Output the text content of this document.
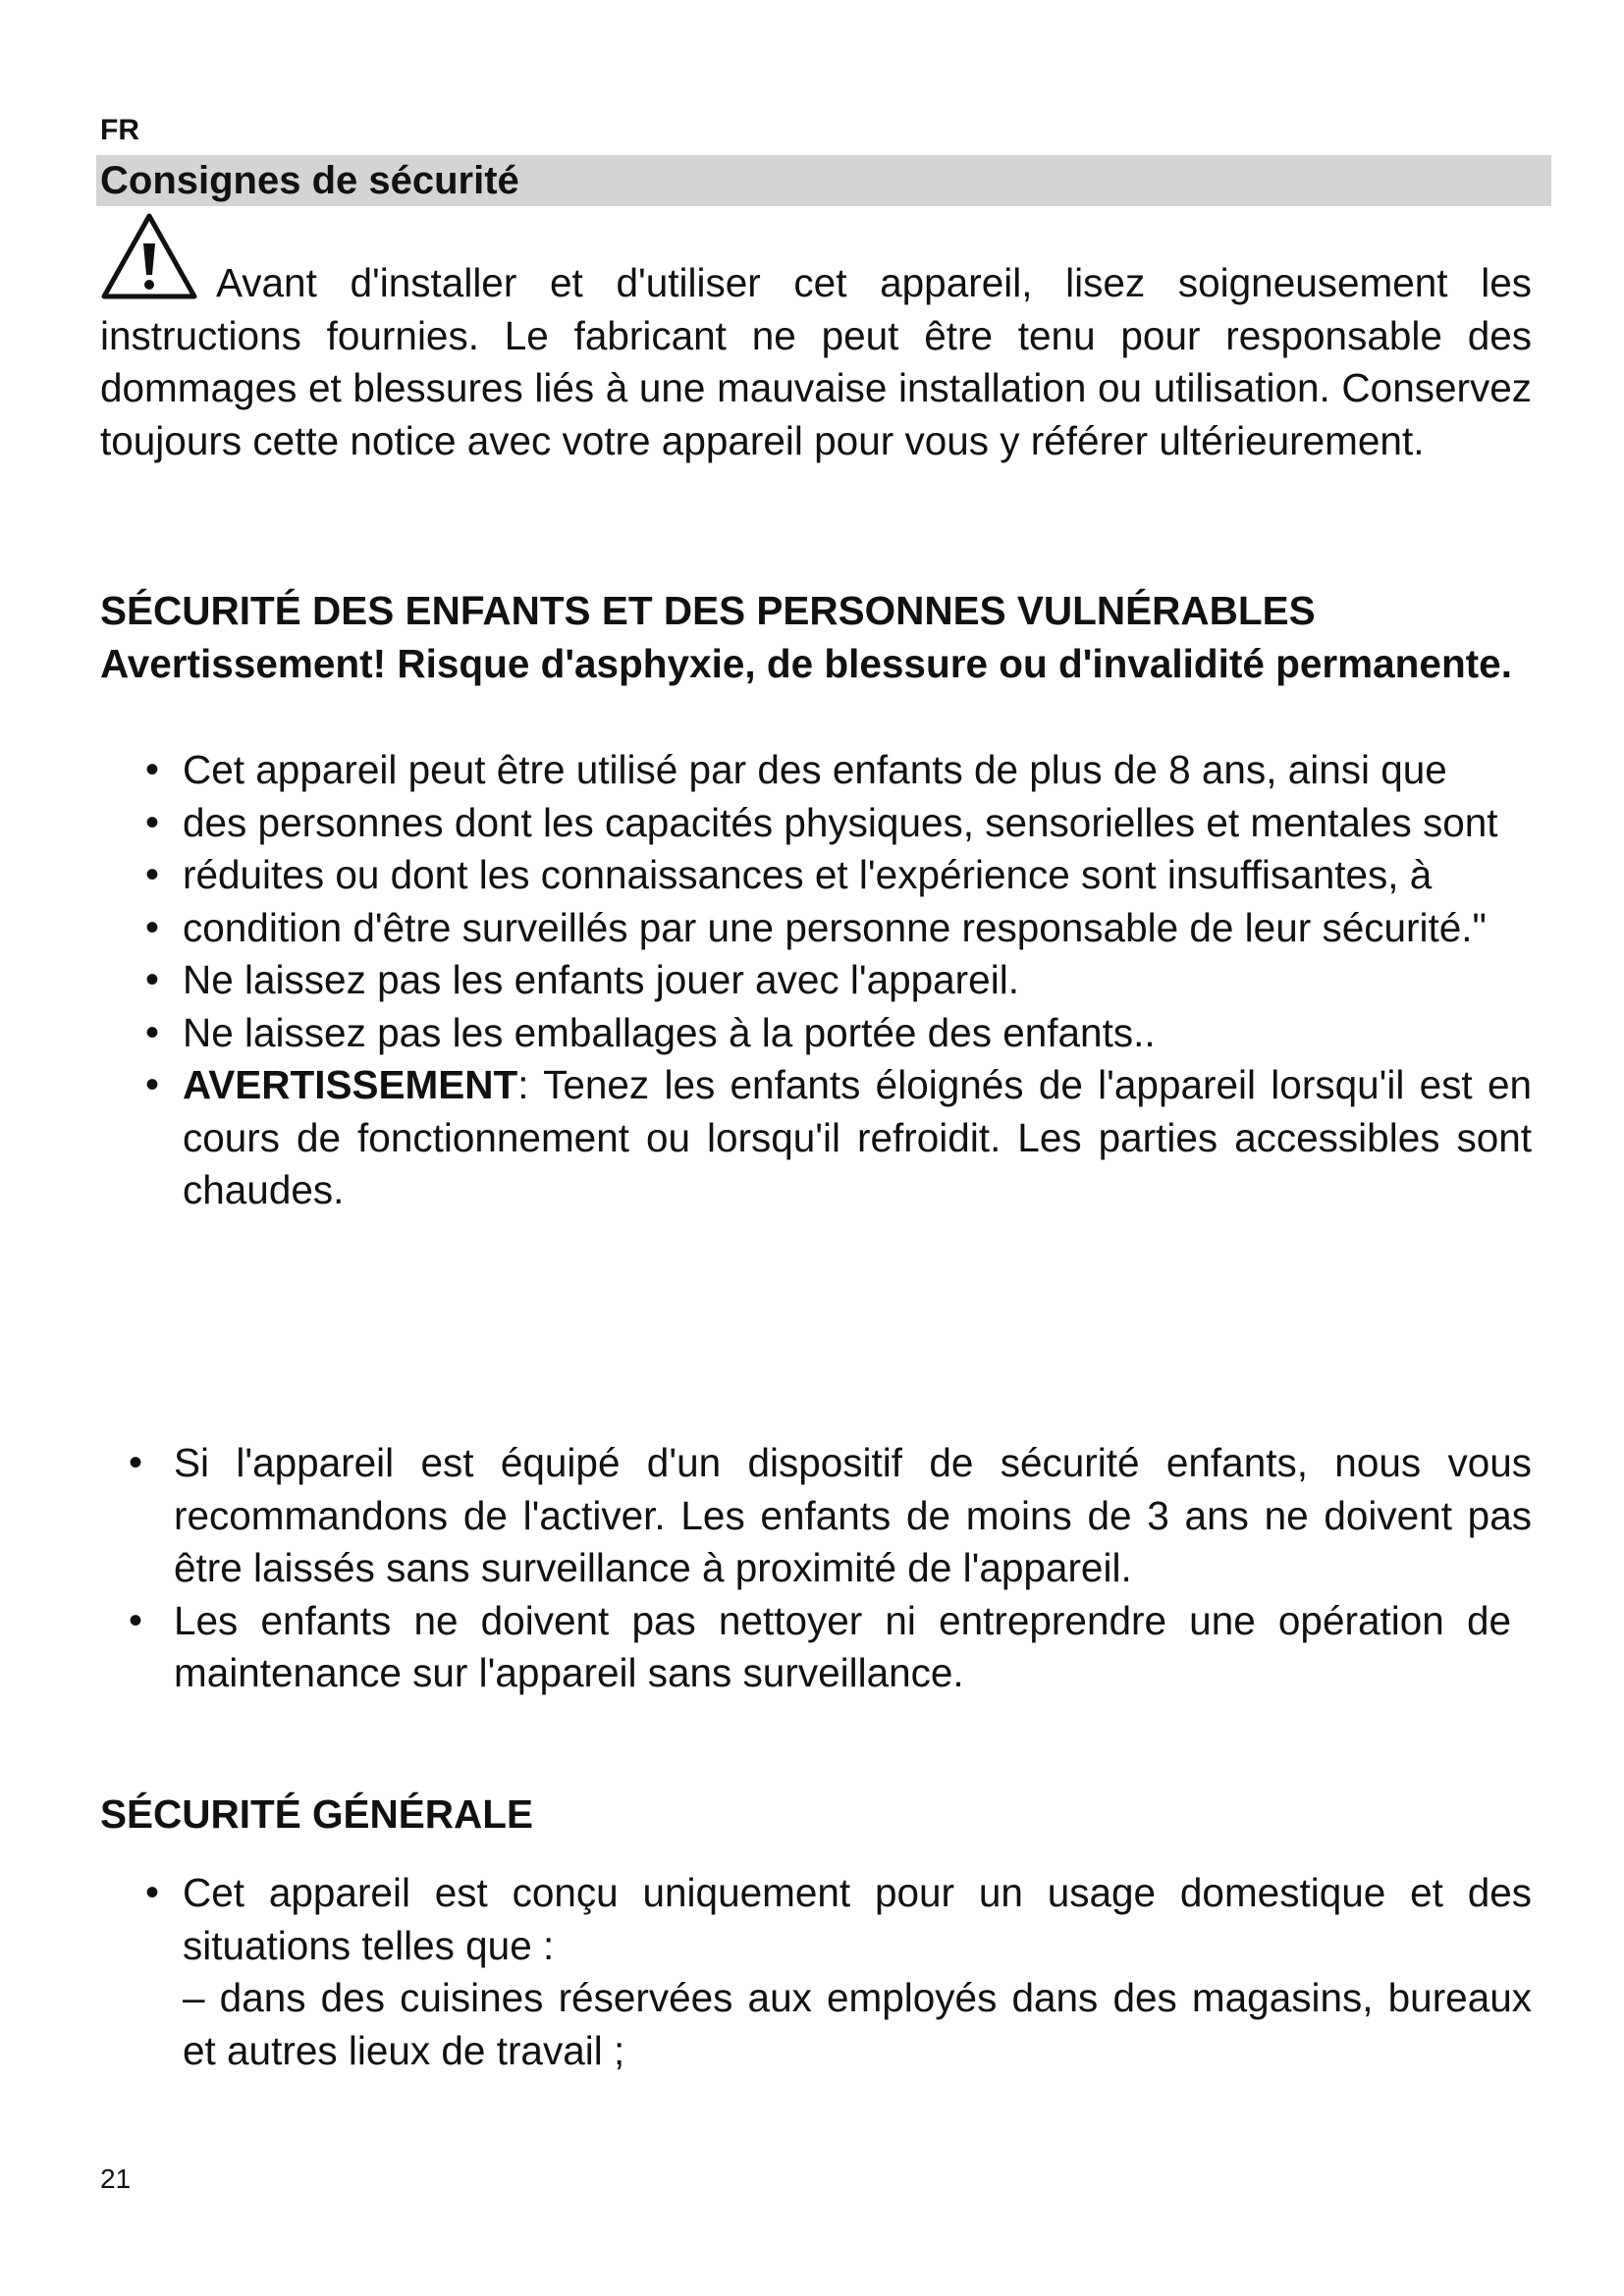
FR
Consignes de sécurité
Avant d'installer et d'utiliser cet appareil, lisez soigneusement les instructions fournies. Le fabricant ne peut être tenu pour responsable des dommages et blessures liés à une mauvaise installation ou utilisation. Conservez toujours cette notice avec votre appareil pour vous y référer ultérieurement.
SÉCURITÉ DES ENFANTS ET DES PERSONNES VULNÉRABLES
Avertissement! Risque d'asphyxie, de blessure ou d'invalidité permanente.
• Cet appareil peut être utilisé par des enfants de plus de 8 ans, ainsi que
• des personnes dont les capacités physiques, sensorielles et mentales sont
• réduites ou dont les connaissances et l'expérience sont insuffisantes, à
• condition d'être surveillés par une personne responsable de leur sécurité."
• Ne laissez pas les enfants jouer avec l'appareil.
• Ne laissez pas les emballages à la portée des enfants..
• AVERTISSEMENT: Tenez les enfants éloignés de l'appareil lorsqu'il est en cours de fonctionnement ou lorsqu'il refroidit. Les parties accessibles sont chaudes.
• Si l'appareil est équipé d'un dispositif de sécurité enfants, nous vous recommandons de l'activer. Les enfants de moins de 3 ans ne doivent pas être laissés sans surveillance à proximité de l'appareil.
• Les enfants ne doivent pas nettoyer ni entreprendre une opération de maintenance sur l'appareil sans surveillance.
SÉCURITÉ GÉNÉRALE
• Cet appareil est conçu uniquement pour un usage domestique et des situations telles que :
– dans des cuisines réservées aux employés dans des magasins, bureaux et autres lieux de travail ;
21
